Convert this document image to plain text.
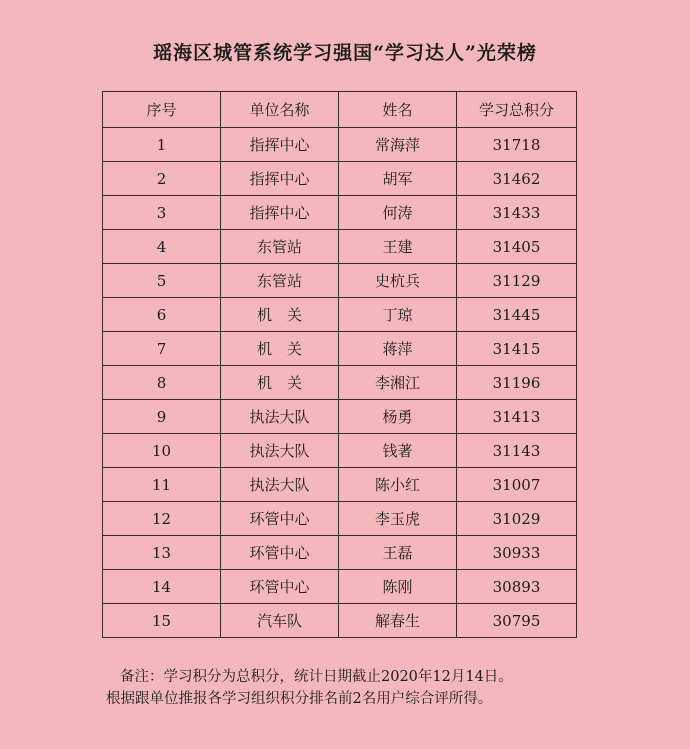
瑶海区城管系统学习强国“学习达人”光荣榜
序号	单位名称	姓名	学习总积分
1	指挥中心	常海萍	31718
2	指挥中心	胡军	31462
3	指挥中心	何涛	31433
4	东管站	王建	31405
5	东管站	史杭兵	31129
6	机　关	丁琼	31445
7	机　关	蒋萍	31415
8	机　关	李湘江	31196
9	执法大队	杨勇	31413
10	执法大队	钱著	31143
11	执法大队	陈小红	31007
12	环管中心	李玉虎	31029
13	环管中心	王磊	30933
14	环管中心	陈刚	30893
15	汽车队	解春生	30795
备注：学习积分为总积分，统计日期截止2020年12月14日。
根据跟单位推报各学习组织积分排名前2名用户综合评所得。
